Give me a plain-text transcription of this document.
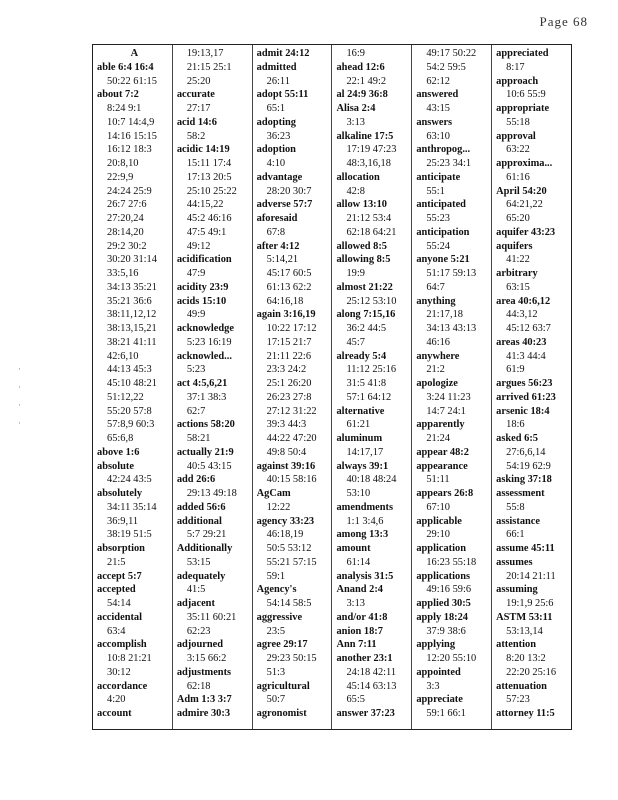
Page 68
·
·
·
·
A
able 6:4 16:4
50:22 61:15
about 7:2
8:24 9:1
10:7 14:4,9
14:16 15:15
16:12 18:3
20:8,10
22:9,9
24:24 25:9
26:7 27:6
27:20,24
28:14,20
29:2 30:2
30:20 31:14
33:5,16
34:13 35:21
35:21 36:6
38:11,12,12
38:13,15,21
38:21 41:11
42:6,10
44:13 45:3
45:10 48:21
51:12,22
55:20 57:8
57:8,9 60:3
65:6,8
above 1:6
absolute
42:24 43:5
absolutely
34:11 35:14
36:9,11
38:19 51:5
absorption
21:5
accept 5:7
accepted
54:14
accidental
63:4
accomplish
10:8 21:21
30:12
accordance
4:20
account
19:13,17
21:15 25:1
25:20
accurate
27:17
acid 14:6
58:2
acidic 14:19
15:11 17:4
17:13 20:5
25:10 25:22
44:15,22
45:2 46:16
47:5 49:1
49:12
acidification
47:9
acidity 23:9
acids 15:10
49:9
acknowledge
5:23 16:19
acknowled...
5:23
act 4:5,6,21
37:1 38:3
62:7
actions 58:20
58:21
actually 21:9
40:5 43:15
add 26:6
29:13 49:18
added 56:6
additional
5:7 29:21
Additionally
53:15
adequately
41:5
adjacent
35:11 60:21
62:23
adjourned
3:15 66:2
adjustments
62:18
Adm 1:3 3:7
admire 30:3
admit 24:12
admitted
26:11
adopt 55:11
65:1
adopting
36:23
adoption
4:10
advantage
28:20 30:7
adverse 57:7
aforesaid
67:8
after 4:12
5:14,21
45:17 60:5
61:13 62:2
64:16,18
again 3:16,19
10:22 17:12
17:15 21:7
21:11 22:6
23:3 24:2
25:1 26:20
26:23 27:8
27:12 31:22
39:3 44:3
44:22 47:20
49:8 50:4
against 39:16
40:15 58:16
AgCam
12:22
agency 33:23
46:18,19
50:5 53:12
55:21 57:15
59:1
Agency's
54:14 58:5
aggressive
23:5
agree 29:17
29:23 50:15
51:3
agricultural
50:7
agronomist
16:9
ahead 12:6
22:1 49:2
al 24:9 36:8
Alisa 2:4
3:13
alkaline 17:5
17:19 47:23
48:3,16,18
allocation
42:8
allow 13:10
21:12 53:4
62:18 64:21
allowed 8:5
allowing 8:5
19:9
almost 21:22
25:12 53:10
along 7:15,16
36:2 44:5
45:7
already 5:4
11:12 25:16
31:5 41:8
57:1 64:12
alternative
61:21
aluminum
14:17,17
always 39:1
40:18 48:24
53:10
amendments
1:1 3:4,6
among 13:3
amount
61:14
analysis 31:5
Anand 2:4
3:13
and/or 41:8
anion 18:7
Ann 7:11
another 23:1
24:18 42:11
45:14 63:13
65:5
answer 37:23
49:17 50:22
54:2 59:5
62:12
answered
43:15
answers
63:10
anthropog...
25:23 34:1
anticipate
55:1
anticipated
55:23
anticipation
55:24
anyone 5:21
51:17 59:13
64:7
anything
21:17,18
34:13 43:13
46:16
anywhere
21:2
apologize
3:24 11:23
14:7 24:1
apparently
21:24
appear 48:2
appearance
51:11
appears 26:8
67:10
applicable
29:10
application
16:23 55:18
applications
49:16 59:6
applied 30:5
apply 18:24
37:9 38:6
applying
12:20 55:10
appointed
3:3
appreciate
59:1 66:1
appreciated
8:17
approach
10:6 55:9
appropriate
55:18
approval
63:22
approxima...
61:16
April 54:20
64:21,22
65:20
aquifer 43:23
aquifers
41:22
arbitrary
63:15
area 40:6,12
44:3,12
45:12 63:7
areas 40:23
41:3 44:4
61:9
argues 56:23
arrived 61:23
arsenic 18:4
18:6
asked 6:5
27:6,6,14
54:19 62:9
asking 37:18
assessment
55:8
assistance
66:1
assume 45:11
assumes
20:14 21:11
assuming
19:1,9 25:6
ASTM 53:11
53:13,14
attention
8:20 13:2
22:20 25:16
attenuation
57:23
attorney 11:5
